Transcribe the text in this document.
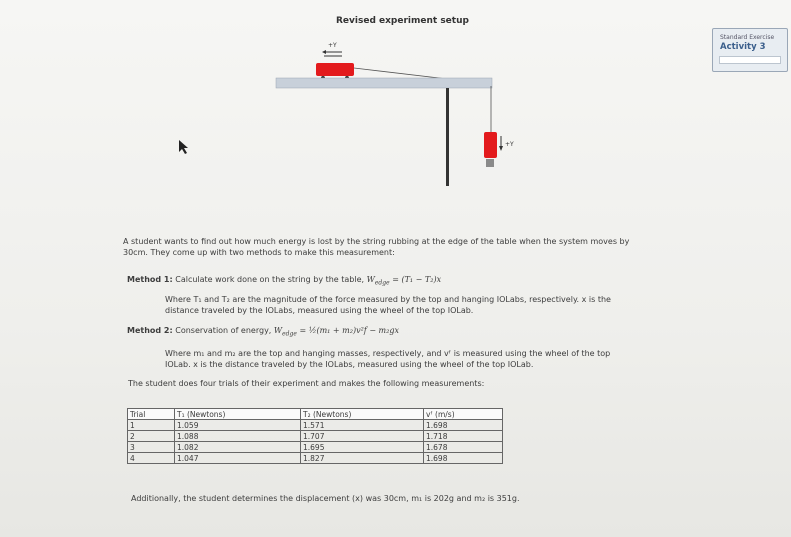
Revised experiment setup
+Y
+Y
Standard Exercise
Activity 3
A student wants to find out how much energy is lost by the string rubbing at the edge of the table when the system moves by 30cm. They come up with two methods to make this measurement:
Method 1: Calculate work done on the string by the table, $W_{edge} = (T_1 - T_2)x$
Where T₁ and T₂ are the magnitude of the force measured by the top and hanging IOLabs, respectively. x is the
distance traveled by the IOLabs, measured using the wheel of the top IOLab.
Method 2: Conservation of energy, $W_{edge}$ = ½(m₁ + m₂)v²f − m₂gx
Where m₁ and m₂ are the top and hanging masses, respectively, and vᶠ is measured using the wheel of the top
IOLab. x is the distance traveled by the IOLabs, measured using the wheel of the top IOLab.
The student does four trials of their experiment and makes the following measurements:
Trial	T₁ (Newtons)	T₂ (Newtons)	vᶠ (m/s)
1	1.059	1.571	1.698
2	1.088	1.707	1.718
3	1.082	1.695	1.678
4	1.047	1.827	1.698
Additionally, the student determines the displacement (x) was 30cm, m₁ is 202g and m₂ is 351g.
